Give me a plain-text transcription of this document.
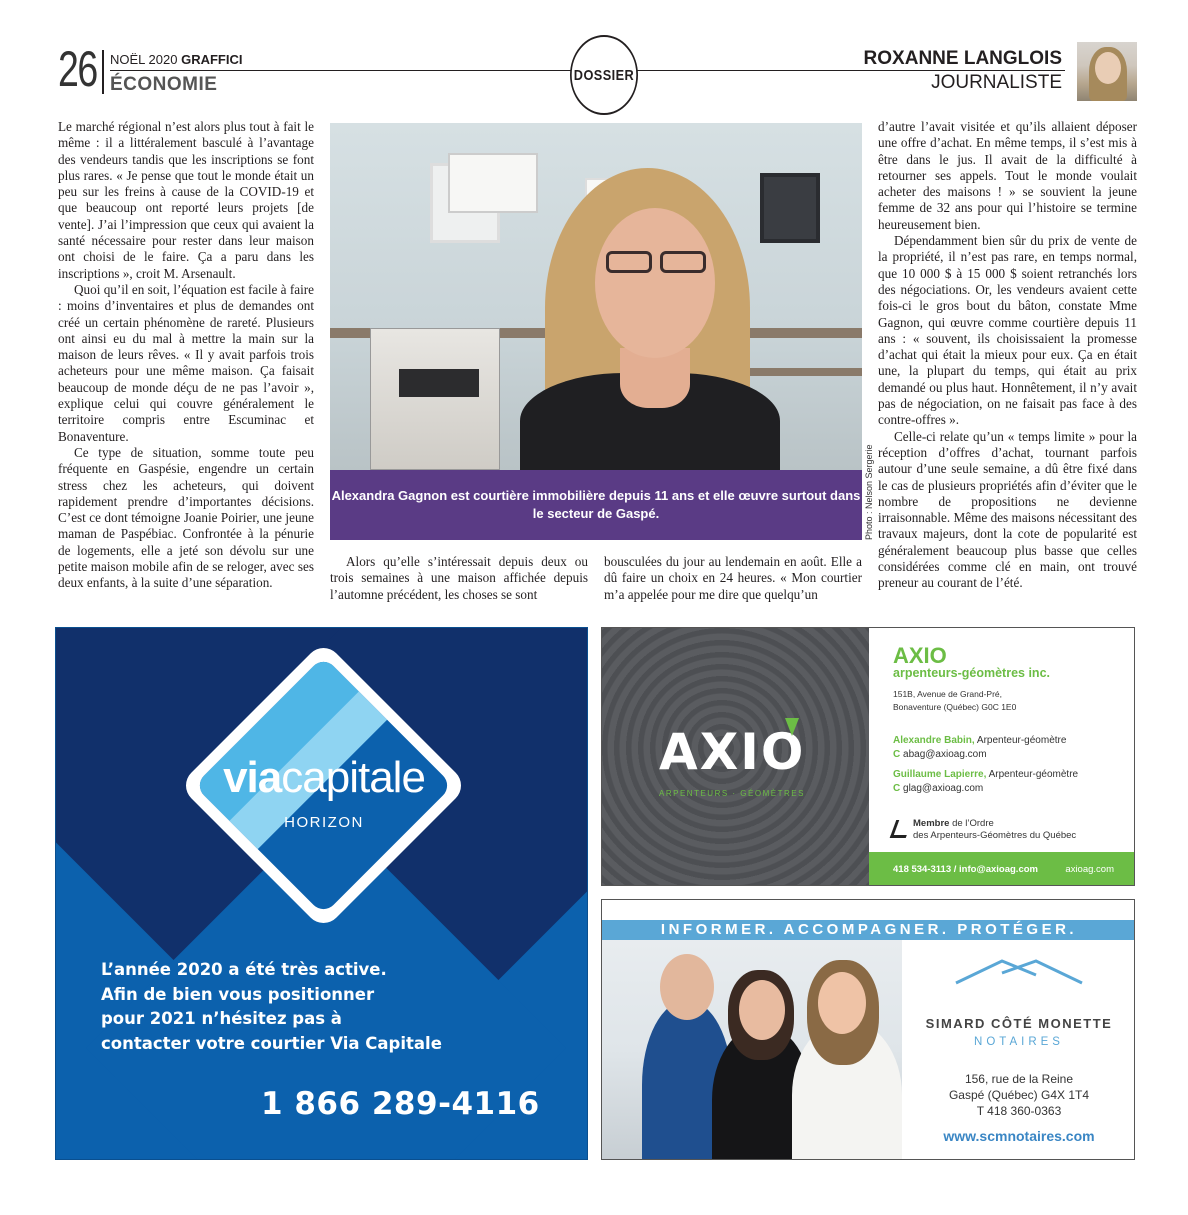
26 NOËL 2020 GRAFFICI
ÉCONOMIE	DOSSIER
ROXANNE LANGLOIS
JOURNALISTE

Le marché régional n’est alors plus tout à fait le même : il a littéralement basculé à l’avantage des vendeurs tandis que les inscriptions se font plus rares. « Je pense que tout le monde était un peu sur les freins à cause de la COVID-19 et que beaucoup ont reporté leurs projets [de vente]. J’ai l’impression que ceux qui avaient la santé nécessaire pour rester dans leur maison ont choisi de le faire. Ça a paru dans les inscriptions », croit M. Arsenault.

Quoi qu’il en soit, l’équation est facile à faire : moins d’inventaires et plus de demandes ont créé un certain phénomène de rareté. Plusieurs ont ainsi eu du mal à mettre la main sur la maison de leurs rêves. « Il y avait parfois trois acheteurs pour une même maison. Ça faisait beaucoup de monde déçu de ne pas l’avoir », explique celui qui couvre généralement le territoire compris entre Escuminac et Bonaventure.

Ce type de situation, somme toute peu fréquente en Gaspésie, engendre un certain stress chez les acheteurs, qui doivent rapidement prendre d’importantes décisions. C’est ce dont témoigne Joanie Poirier, une jeune maman de Paspébiac. Confrontée à la pénurie de logements, elle a jeté son dévolu sur une petite maison mobile afin de se reloger, avec ses deux enfants, à la suite d’une séparation.

Alexandra Gagnon est courtière immobilière depuis 11 ans et elle œuvre surtout dans le secteur de Gaspé.	Photo : Nelson Sergerie

Alors qu’elle s’intéressait depuis deux ou trois semaines à une maison affichée depuis l’automne précédent, les choses se sont

bousculées du jour au lendemain en août. Elle a dû faire un choix en 24 heures. « Mon courtier m’a appelée pour me dire que quelqu’un

d’autre l’avait visitée et qu’ils allaient déposer une offre d’achat. En même temps, il s’est mis à être dans le jus. Il avait de la difficulté à retourner ses appels. Tout le monde voulait acheter des maisons ! » se souvient la jeune femme de 32 ans pour qui l’histoire se termine heureusement bien.

Dépendamment bien sûr du prix de vente de la propriété, il n’est pas rare, en temps normal, que 10 000 $ à 15 000 $ soient retranchés lors des négociations. Or, les vendeurs avaient cette fois-ci le gros bout du bâton, constate Mme Gagnon, qui œuvre comme courtière depuis 11 ans : « souvent, ils choisissaient la promesse d’achat qui était la mieux pour eux. Ça en était une, la plupart du temps, qui était au prix demandé ou plus haut. Honnêtement, il n’y avait pas de négociation, on ne faisait pas face à des contre-offres ».

Celle-ci relate qu’un « temps limite » pour la réception d’offres d’achat, tournant parfois autour d’une seule semaine, a dû être fixé dans le cas de plusieurs propriétés afin d’éviter que le nombre de propositions ne devienne irraisonnable. Même des maisons nécessitant des travaux majeurs, dont la cote de popularité est généralement beaucoup plus basse que celles considérées comme clé en main, ont trouvé preneur au courant de l’été.

viacapitale
HORIZON
L’année 2020 a été très active.
Afin de bien vous positionner
pour 2021 n’hésitez pas à
contacter votre courtier Via Capitale
1 866 289-4116
AXIO
ARPENTEURS · GÉOMÈTRES
AXIO
arpenteurs-géomètres inc.
151B, Avenue de Grand-Pré,
Bonaventure (Québec) G0C 1E0
Alexandre Babin, Arpenteur-géomètre
C abag@axioag.com
Guillaume Lapierre, Arpenteur-géomètre
C glag@axioag.com
Membre de l’Ordre
des Arpenteurs-Géomètres du Québec
418 534-3113 / info@axioag.com	axioag.com
INFORMER. ACCOMPAGNER. PROTÉGER.
SIMARD CÔTÉ MONETTE
NOTAIRES
156, rue de la Reine
Gaspé (Québec) G4X 1T4
T 418 360-0363
www.scmnotaires.com
